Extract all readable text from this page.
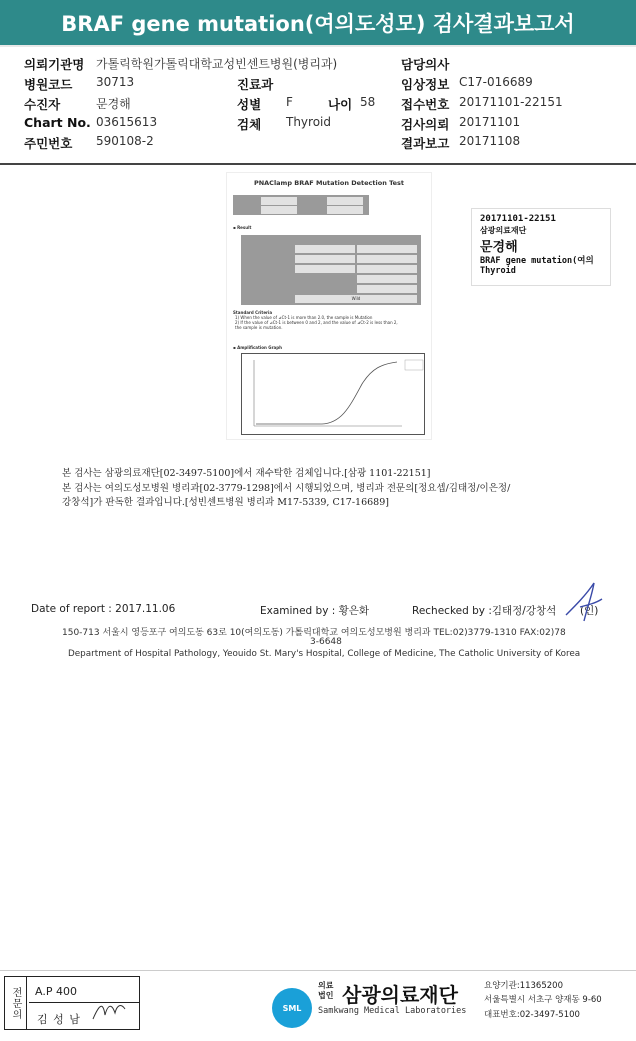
BRAF gene mutation(여의도성모) 검사결과보고서
의뢰기관명 가톨릭학원가톨릭대학교성빈센트병원(병리과)	담당의사
병원코드 30713	진료과	임상정보 C17-016689
수진자	문경해	성별 F	나이 58 접수번호 20171101-22151
Chart No. 03615613	검체 Thyroid	검사의뢰 20171101
주민번호 590108-2	결과보고 20171108
PNAClamp BRAF Mutation Detection Test
▪ Result
Wild
Standard Criteria
1) When the value of ⊿Ct-1 is more than 2.0, the sample is Mutation
2) If the value of ⊿Ct-1 is between 0 and 2, and the value of ⊿Ct-2 is less than 2,
the sample is mutation.
▪ Amplification Graph
20171101-22151
삼광의료재단
문경해
BRAF gene mutation(여의
Thyroid
본 검사는 삼광의료재단[02-3497-5100]에서 재수탁한 검체입니다.[삼광 1101-22151]
본 검사는 여의도성모병원 병리과[02-3779-1298]에서 시행되었으며, 병리과 전문의[정요셉/김태정/이은정/
강창석]가 판독한 결과입니다.[성빈센트병원 병리과 M17-5339, C17-16689]
Date of report : 2017.11.06	Examined by : 황은화	Rechecked by :김태정/강창석 (인)
150-713 서울시 영등포구 여의도동 63로 10(여의도동) 가톨릭대학교 여의도성모병원 병리과 TEL:02)3779-1310 FAX:02)78
3-6648
Department of Hospital Pathology, Yeouido St. Mary's Hospital, College of Medicine, The Catholic University of Korea
전문의	A.P 400
김 성 남
SML
의료
법인 삼광의료재단
Samkwang Medical Laboratories
요양기관:11365200
서울특별시 서초구 양재동 9-60
대표번호:02-3497-5100
